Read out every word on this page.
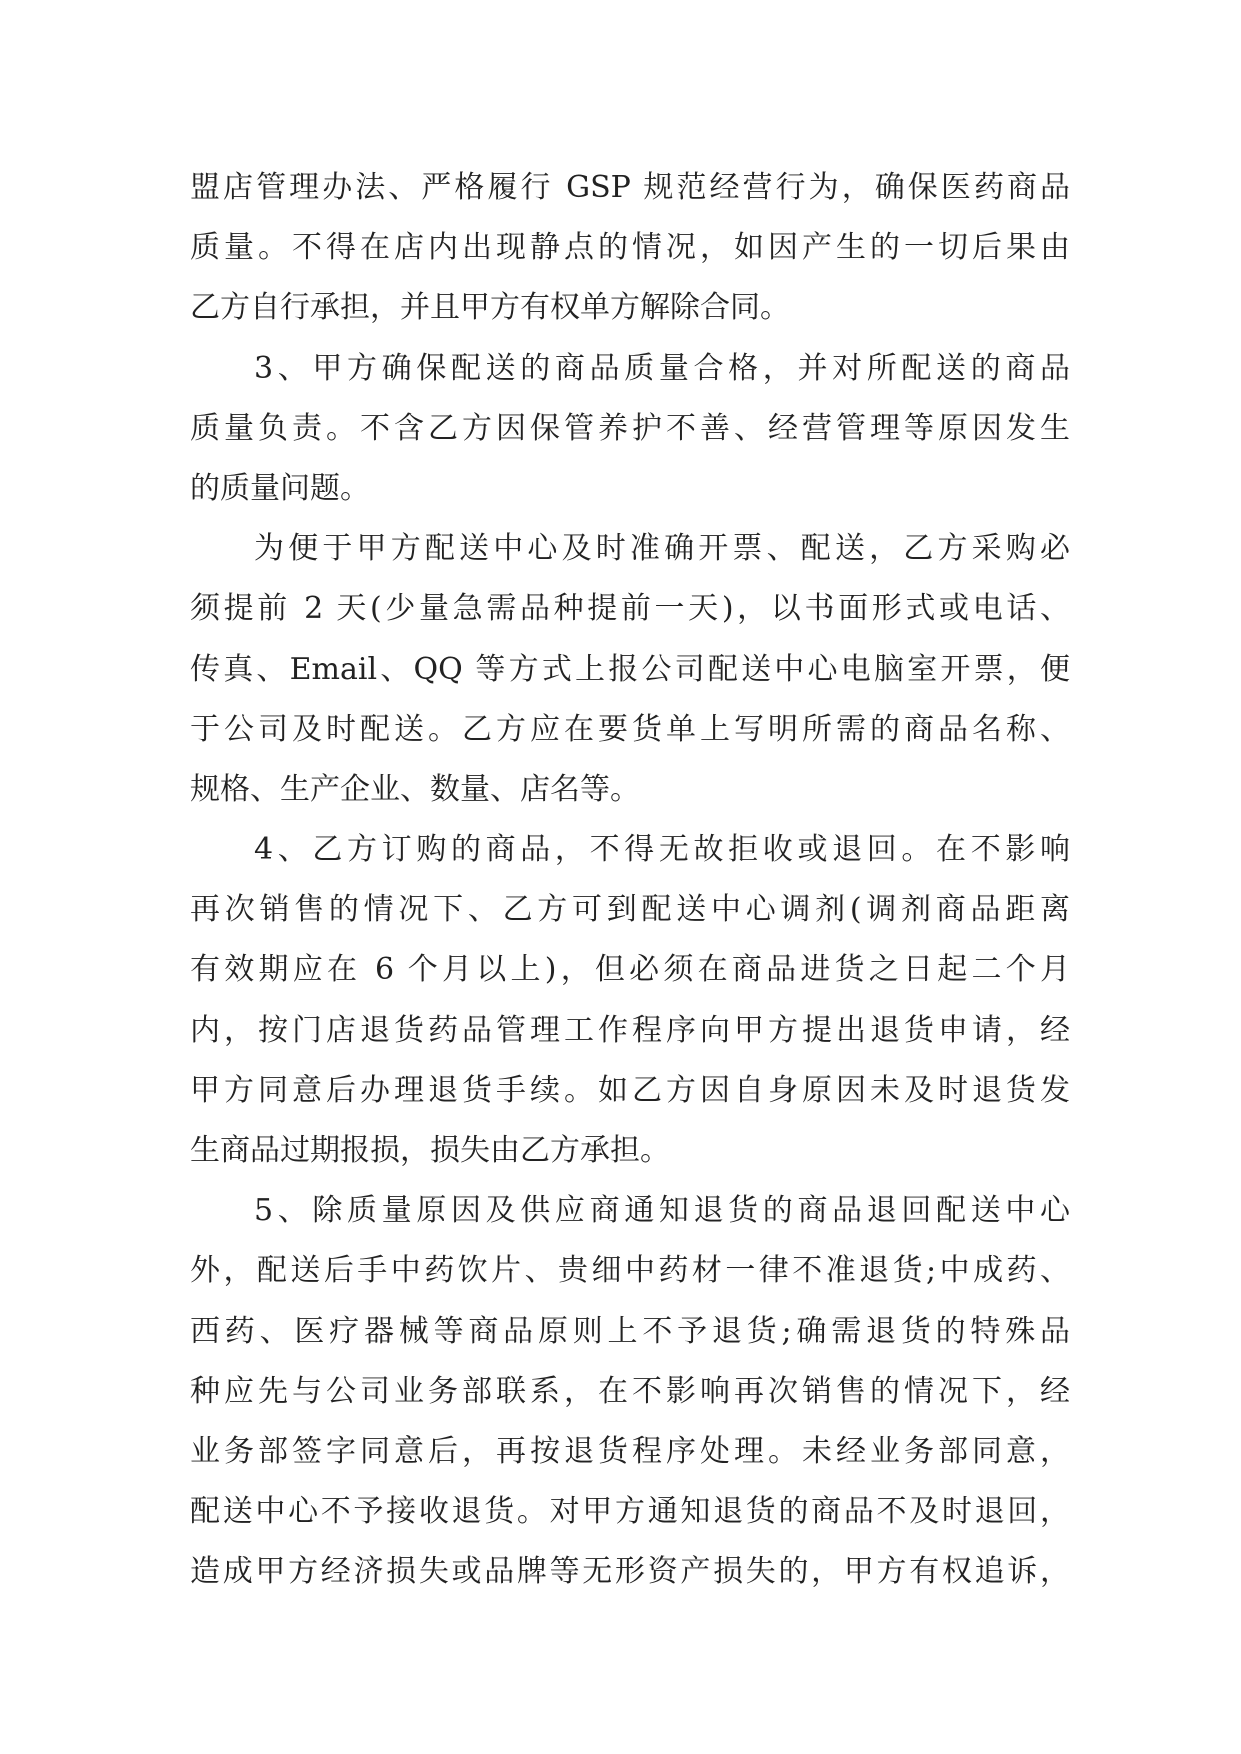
盟店管理办法、严格履行 GSP 规范经营行为，确保医药商品
质量。不得在店内出现静点的情况，如因产生的一切后果由
乙方自行承担，并且甲方有权单方解除合同。
3、甲方确保配送的商品质量合格，并对所配送的商品
质量负责。不含乙方因保管养护不善、经营管理等原因发生
的质量问题。
为便于甲方配送中心及时准确开票、配送，乙方采购必
须提前 2 天(少量急需品种提前一天)，以书面形式或电话、
传真、Email、QQ 等方式上报公司配送中心电脑室开票，便
于公司及时配送。乙方应在要货单上写明所需的商品名称、
规格、生产企业、数量、店名等。
4、乙方订购的商品，不得无故拒收或退回。在不影响
再次销售的情况下、乙方可到配送中心调剂(调剂商品距离
有效期应在 6 个月以上)，但必须在商品进货之日起二个月
内，按门店退货药品管理工作程序向甲方提出退货申请，经
甲方同意后办理退货手续。如乙方因自身原因未及时退货发
生商品过期报损，损失由乙方承担。
5、除质量原因及供应商通知退货的商品退回配送中心
外，配送后手中药饮片、贵细中药材一律不准退货;中成药、
西药、医疗器械等商品原则上不予退货;确需退货的特殊品
种应先与公司业务部联系，在不影响再次销售的情况下，经
业务部签字同意后，再按退货程序处理。未经业务部同意，
配送中心不予接收退货。对甲方通知退货的商品不及时退回，
造成甲方经济损失或品牌等无形资产损失的，甲方有权追诉，
